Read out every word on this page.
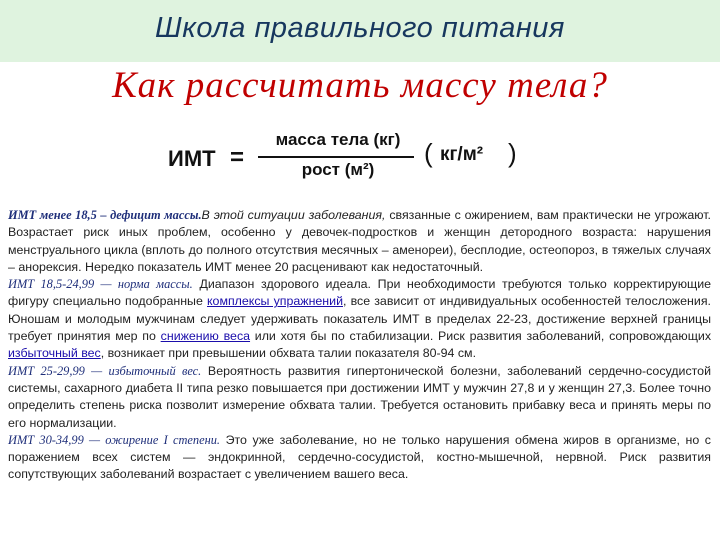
Школа правильного питания
Как рассчитать массу тела?
ИМТ =
масса тела (кг)
рост (м²)
( кг/м² )

ИМТ менее 18,5 – дефицит массы.В этой ситуации заболевания, связанные с ожирением, вам практически не угрожают. Возрастает риск иных проблем, особенно у девочек-подростков и женщин детородного возраста: нарушения менструального цикла (вплоть до полного отсутствия месячных – аменореи), бесплодие, остеопороз, в тяжелых случаях – анорексия. Нередко показатель ИМТ менее 20 расценивают как недостаточный.

ИМТ 18,5-24,99 — норма массы. Диапазон здорового идеала. При необходимости требуются только корректирующие фигуру специально подобранные комплексы упражнений, все зависит от индивидуальных особенностей телосложения. Юношам и молодым мужчинам следует удерживать показатель ИМТ в пределах 22-23, достижение верхней границы требует принятия мер по снижению веса или хотя бы по стабилизации. Риск развития заболеваний, сопровождающих избыточный вес, возникает при превышении обхвата талии показателя 80-94 см.

ИМТ 25-29,99 — избыточный вес. Вероятность развития гипертонической болезни, заболеваний сердечно-сосудистой системы, сахарного диабета II типа резко повышается при достижении ИМТ у мужчин 27,8 и у женщин 27,3. Более точно определить степень риска позволит измерение обхвата талии. Требуется остановить прибавку веса и принять меры по его нормализации.

ИМТ 30-34,99 — ожирение I степени. Это уже заболевание, но не только нарушения обмена жиров в организме, но с поражением всех систем — эндокринной, сердечно-сосудистой, костно-мышечной, нервной. Риск развития сопутствующих заболеваний возрастает с увеличением вашего веса.
